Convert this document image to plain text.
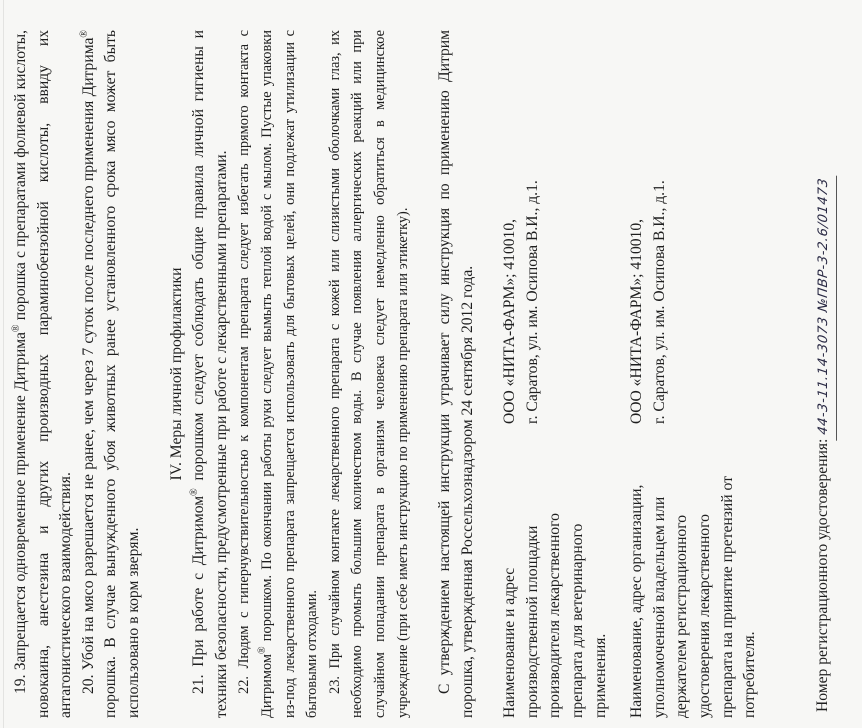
19. Запрещается одновременное применение Дитрима® порошка с препаратами фолиевой кислоты, новокаина, анестезина и других производных параминобензойной кислоты, ввиду их антагонистического взаимодействия. 20. Убой на мясо разрешается не ранее, чем через 7 суток после последнего применения Дитрима® порошка. В случае вынужденного убоя животных ранее установленного срока мясо может быть использовано в корм зверям.

IV. Меры личной профилактики

21. При работе с Дитримом® порошком следует соблюдать общие правила личной гигиены и техники безопасности, предусмотренные при работе с лекарственными препаратами. 22. Людям с гиперчувствительностью к компонентам препарата следует избегать прямого контакта с Дитримом® порошком. По окончании работы руки следует вымыть теплой водой с мылом. Пустые упаковки из-под лекарственного препарата запрещается использовать для бытовых целей, они подлежат утилизации с бытовыми отходами. 23. При случайном контакте лекарственного препарата с кожей или слизистыми оболочками глаз, их необходимо промыть большим количеством воды. В случае появления аллергических реакций или при случайном попадании препарата в организм человека следует немедленно обратиться в медицинское учреждение (при себе иметь инструкцию по применению препарата или этикетку). С утверждением настоящей инструкции утрачивает силу инструкция по применению Дитрим порошка, утвержденная Россельхознадзором 24 сентября 2012 года. Наименование и адрес производственной площадки производителя лекарственного препарата для ветеринарного применения.	ООО «НИТА-ФАРМ»; 410010, г. Саратов, ул. им. Осипова В.И., д.1.

Наименование, адрес организации, уполномоченной владельцем или держателем регистрационного удостоверения лекарственного препарата на принятие претензий от потребителя.	ООО «НИТА-ФАРМ»; 410010, г. Саратов, ул. им. Осипова В.И., д.1.
Номер регистрационного удостоверения:44-3-11.14-3073 №ПВР-3-2.6/01473
